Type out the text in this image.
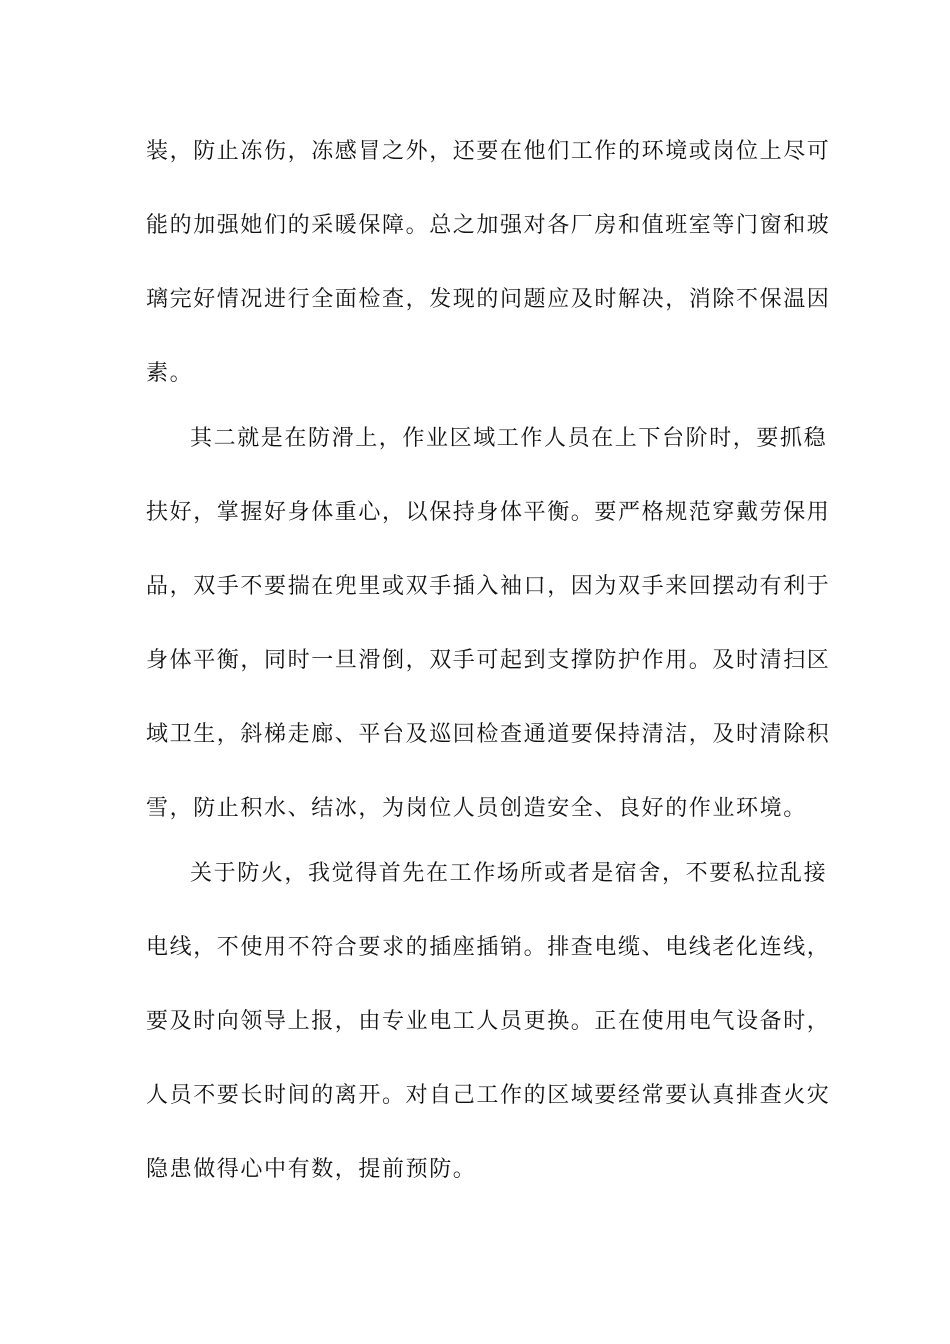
装，防止冻伤，冻感冒之外，还要在他们工作的环境或岗位上尽可
能的加强她们的采暖保障。总之加强对各厂房和值班室等门窗和玻
璃完好情况进行全面检查，发现的问题应及时解决，消除不保温因
素。
其二就是在防滑上，作业区域工作人员在上下台阶时，要抓稳
扶好，掌握好身体重心，以保持身体平衡。要严格规范穿戴劳保用
品，双手不要揣在兜里或双手插入袖口，因为双手来回摆动有利于
身体平衡，同时一旦滑倒，双手可起到支撑防护作用。及时清扫区
域卫生，斜梯走廊、平台及巡回检查通道要保持清洁，及时清除积
雪，防止积水、结冰，为岗位人员创造安全、良好的作业环境。
关于防火，我觉得首先在工作场所或者是宿舍，不要私拉乱接
电线，不使用不符合要求的插座插销。排查电缆、电线老化连线，
要及时向领导上报，由专业电工人员更换。正在使用电气设备时，
人员不要长时间的离开。对自己工作的区域要经常要认真排查火灾
隐患做得心中有数，提前预防。
